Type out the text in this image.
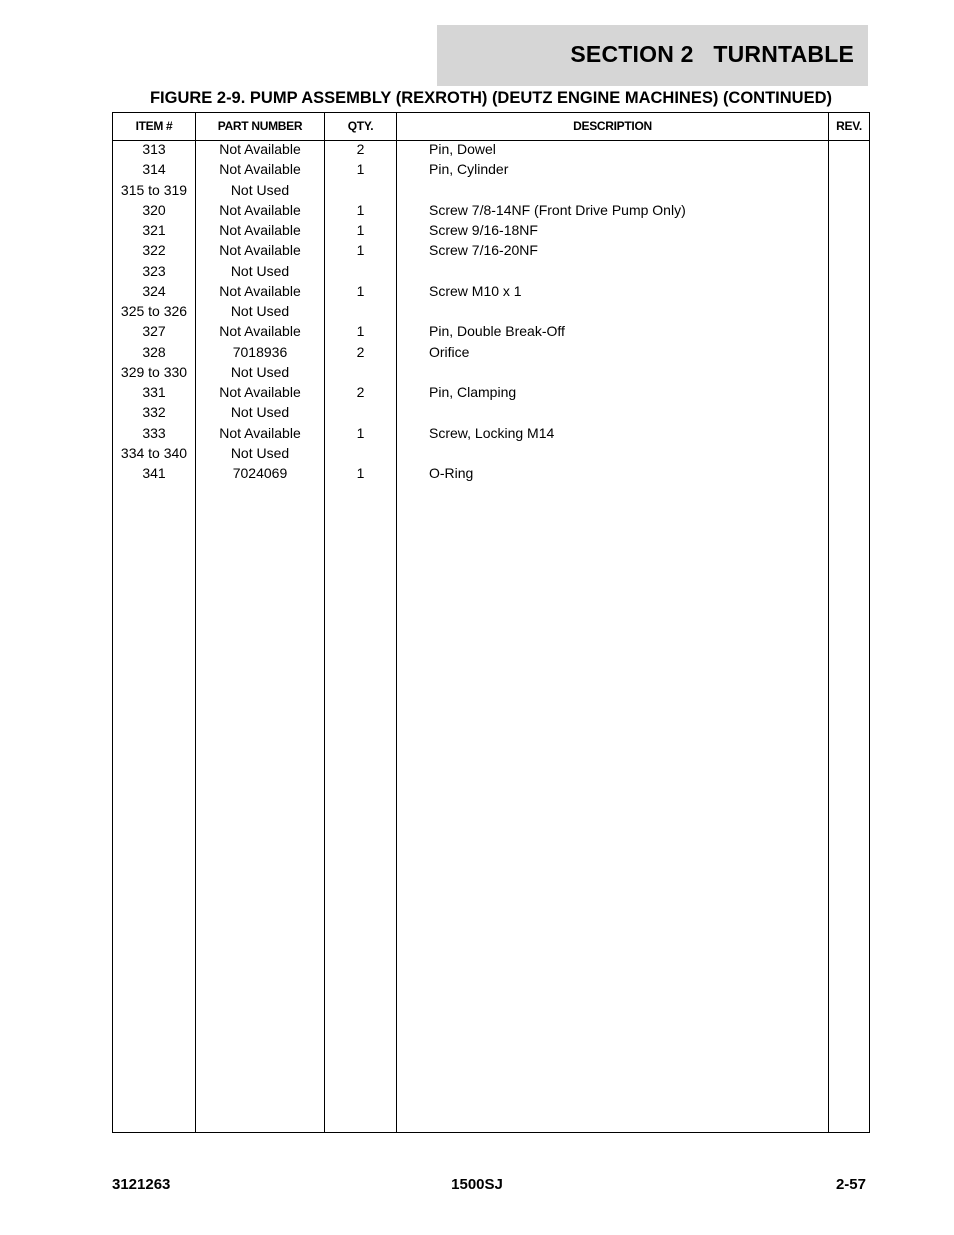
SECTION 2   TURNTABLE
FIGURE 2-9. PUMP ASSEMBLY (REXROTH) (DEUTZ ENGINE MACHINES) (CONTINUED)
ITEM #	PART NUMBER	QTY.	DESCRIPTION	REV.
313	Not Available	2	Pin, Dowel
314	Not Available	1	Pin, Cylinder
315 to 319	Not Used
320	Not Available	1	Screw 7/8-14NF (Front Drive Pump Only)
321	Not Available	1	Screw 9/16-18NF
322	Not Available	1	Screw 7/16-20NF
323	Not Used
324	Not Available	1	Screw M10 x 1
325 to 326	Not Used
327	Not Available	1	Pin, Double Break-Off
328	7018936	2	Orifice
329 to 330	Not Used
331	Not Available	2	Pin, Clamping
332	Not Used
333	Not Available	1	Screw, Locking M14
334 to 340	Not Used
341	7024069	1	O-Ring
3121263	1500SJ	2-57
